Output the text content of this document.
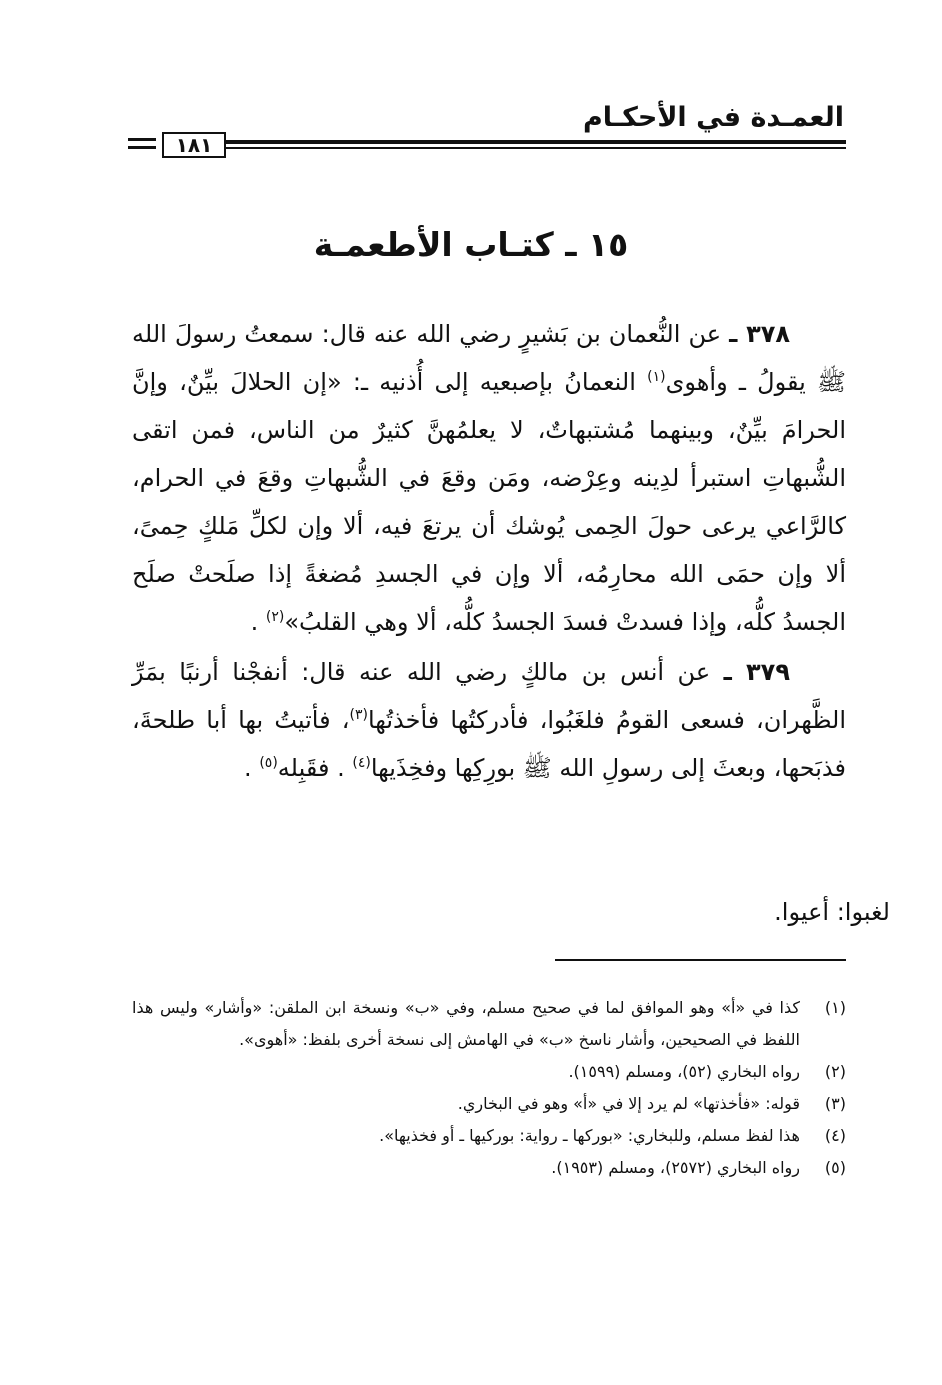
العمـدة في الأحكـام
١٨١
١٥ ـ كتـاب الأطعمـة

٣٧٨ ـ عن النُّعمان بن بَشيرٍ رضي الله عنه قال: سمعتُ رسولَ الله ﷺ يقولُ ـ وأهوى$^{(١)}$ النعمانُ بإصبعيه إلى أُذنيه ـ: «إن الحلالَ بيِّنٌ، وإنَّ الحرامَ بيِّنٌ، وبينهما مُشتبهاتٌ، لا يعلمُهنَّ كثيرٌ من الناس، فمن اتقى الشُّبهاتِ استبرأ لدِينه وعِرْضه، ومَن وقعَ في الشُّبهاتِ وقعَ في الحرام، كالرَّاعي يرعى حولَ الحِمى يُوشك أن يرتعَ فيه، ألا وإن لكلِّ مَلكٍ حِمىً، ألا وإن حمَى الله محارِمُه، ألا وإن في الجسدِ مُضغةً إذا صلَحتْ صلَح الجسدُ كلُّه، وإذا فسدتْ فسدَ الجسدُ كلُّه، ألا وهي القلبُ»$^{(٢)}$ .

٣٧٩ ـ عن أنس بن مالكٍ رضي الله عنه قال: أنفجْنا أرنبًا بمَرِّ الظَّهران، فسعى القومُ فلغَبُوا، فأدركتُها فأخذتُها$^{(٣)}$، فأتيتُ بها أبا طلحةَ، فذبَحها، وبعثَ إلى رسولِ الله ﷺ بورِكِها وفخِذَيها$^{(٤)}$ . فقَبِله$^{(٥)}$ .

لغبوا: أعيوا.
(١)
كذا في «أ» وهو الموافق لما في صحيح مسلم، وفي «ب» ونسخة ابن الملقن: «وأشار» وليس هذا اللفظ في الصحيحين، وأشار ناسخ «ب» في الهامش إلى نسخة أخرى بلفظ: «أهوى».
(٢)
رواه البخاري (٥٢)، ومسلم (١٥٩٩).
(٣)
قوله: «فأخذتها» لم يرد إلا في «أ» وهو في البخاري.
(٤)
هذا لفظ مسلم، وللبخاري: «بوركها ـ رواية: بوركيها ـ أو فخذيها».
(٥)
رواه البخاري (٢٥٧٢)، ومسلم (١٩٥٣).
